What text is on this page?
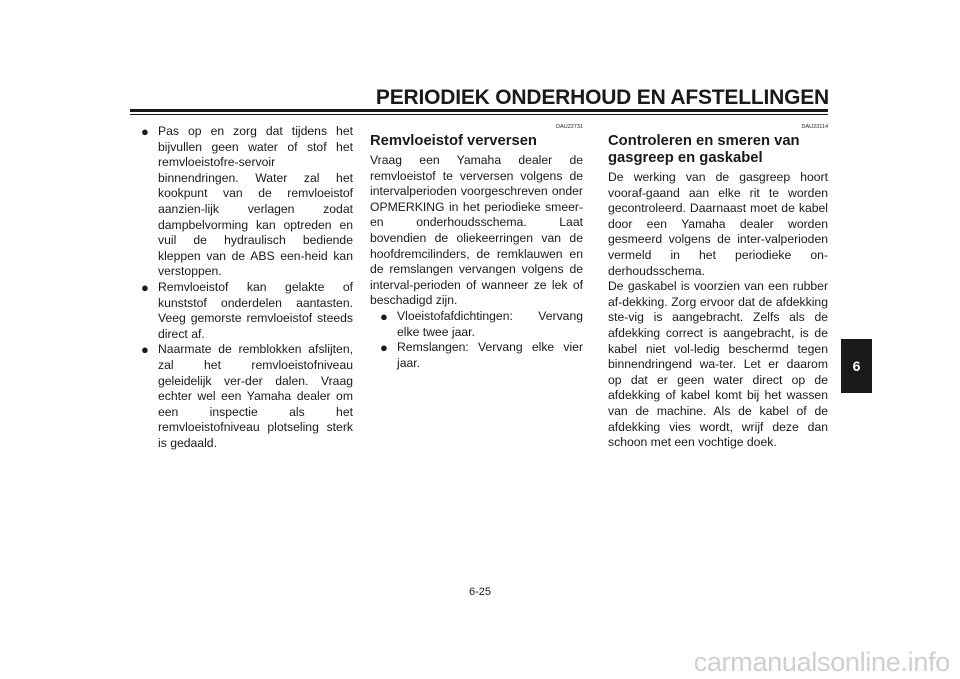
PERIODIEK ONDERHOUD EN AFSTELLINGEN
● Pas op en zorg dat tijdens het bijvullen geen water of stof het remvloeistofre-servoir binnendringen. Water zal het kookpunt van de remvloeistof aanzien-lijk verlagen zodat dampbelvorming kan optreden en vuil de hydraulisch bediende kleppen van de ABS een-heid kan verstoppen.
● Remvloeistof kan gelakte of kunststof onderdelen aantasten. Veeg gemorste remvloeistof steeds direct af.
● Naarmate de remblokken afslijten, zal het remvloeistofniveau geleidelijk ver-der dalen. Vraag echter wel een Yamaha dealer om een inspectie als het remvloeistofniveau plotseling sterk is gedaald.
DAU22731
Remvloeistof verversen

Vraag een Yamaha dealer de remvloeistof te verversen volgens de intervalperioden voorgeschreven onder OPMERKING in het periodieke smeer- en onderhoudsschema. Laat bovendien de oliekeerringen van de hoofdremcilinders, de remklauwen en de remslangen vervangen volgens de interval-perioden of wanneer ze lek of beschadigd zijn.

● Vloeistofafdichtingen: Vervang elke twee jaar.
● Remslangen: Vervang elke vier jaar.
DAU23114
Controleren en smeren van gasgreep en gaskabel

De werking van de gasgreep hoort vooraf-gaand aan elke rit te worden gecontroleerd. Daarnaast moet de kabel door een Yamaha dealer worden gesmeerd volgens de inter-valperioden vermeld in het periodieke on-derhoudsschema.

De gaskabel is voorzien van een rubber af-dekking. Zorg ervoor dat de afdekking ste-vig is aangebracht. Zelfs als de afdekking correct is aangebracht, is de kabel niet vol-ledig beschermd tegen binnendringend wa-ter. Let er daarom op dat er geen water direct op de afdekking of kabel komt bij het wassen van de machine. Als de kabel of de afdekking vies wordt, wrijf deze dan schoon met een vochtige doek.

6
6-25
carmanualsonline.info
